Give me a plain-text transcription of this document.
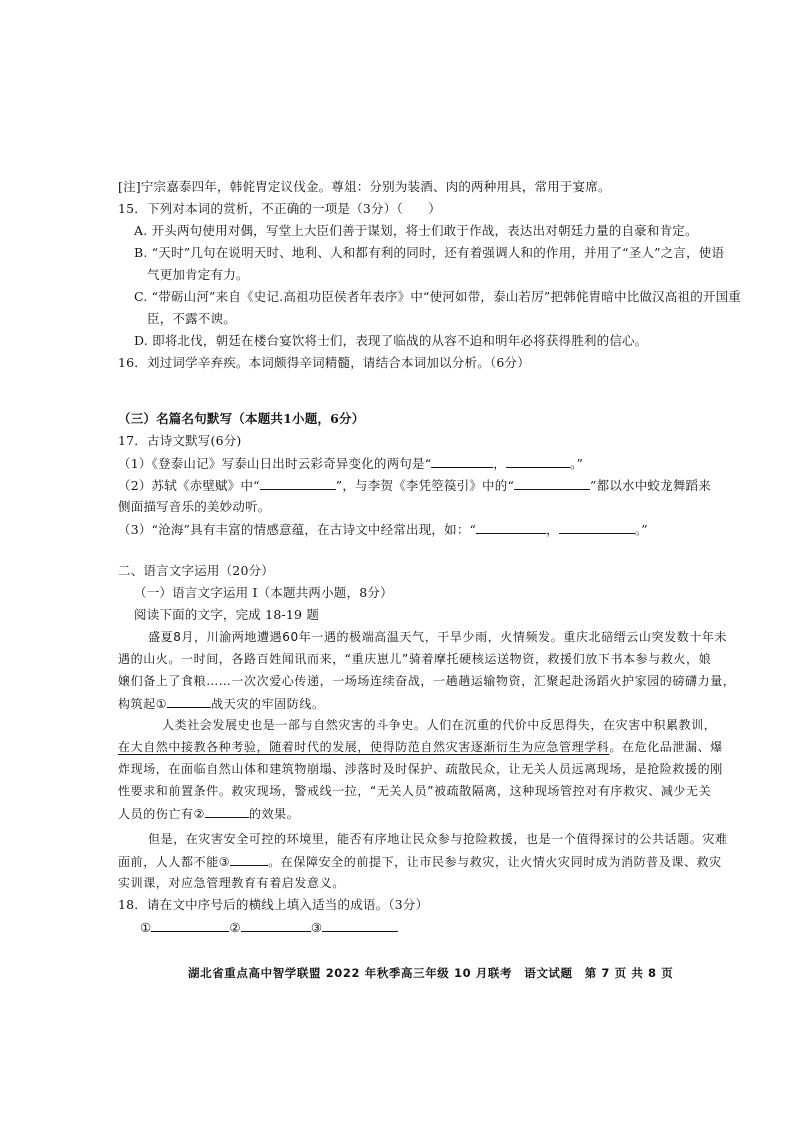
[注]宁宗嘉泰四年，韩侂胄定议伐金。尊俎：分别为装酒、肉的两种用具，常用于宴席。
15．下列对本词的赏析，不正确的一项是（3分）（　　）
A. 开头两句使用对偶，写堂上大臣们善于谋划，将士们敢于作战，表达出对朝廷力量的自豪和肯定。
B. “天时”几句在说明天时、地利、人和都有利的同时，还有着强调人和的作用，并用了“圣人”之言，使语
气更加肯定有力。
C. “带砺山河”来自《史记.高祖功臣侯者年表序》中“使河如带，泰山若厉”把韩侂胄暗中比做汉高祖的开国重
臣，不露不谀。
D. 即将北伐，朝廷在楼台宴饮将士们，表现了临战的从容不迫和明年必将获得胜利的信心。
16．刘过词学辛弃疾。本词颇得辛词精髓，请结合本词加以分析。（6分）
（三）名篇名句默写（本题共1小题，6分）
17．古诗文默写(6分)
（1）《登泰山记》写泰山日出时云彩奇异变化的两句是“	，	。”
（2）苏轼《赤壁赋》中“	”，与李贺《李凭箜篌引》中的“	”都以水中蛟龙舞蹈来
侧面描写音乐的美妙动听。
（3）“沧海”具有丰富的情感意蕴，在古诗文中经常出现，如：“	，	。”
二、语言文字运用（20分）
（一）语言文字运用 I（本题共两小题，8分）
阅读下面的文字，完成 18-19 题
盛夏8月，川渝两地遭遇60年一遇的极端高温天气，干旱少雨，火情频发。重庆北碚缙云山突发数十年未
遇的山火。一时间，各路百姓闻讯而来，“重庆崽儿”骑着摩托硬核运送物资，救援们放下书本参与救火，娘
嬢们备上了食粮……一次次爱心传递，一场场连续奋战，一趟趟运输物资，汇聚起赴汤蹈火护家园的磅礴力量，
构筑起①	战天灾的牢固防线。
人类社会发展史也是一部与自然灾害的斗争史。人们在沉重的代价中反思得失，在灾害中积累教训，
在大自然中接教各种考验，随着时代的发展，使得防范自然灾害逐渐衍生为应急管理学科。在危化品泄漏、爆
炸现场，在面临自然山体和建筑物崩塌、涉落时及时保护、疏散民众，让无关人员远离现场，是抢险救援的刚
性要求和前置条件。救灾现场，警戒线一拉，“无关人员”被疏散隔离，这种现场管控对有序救灾、减少无关
人员的伤亡有②	的效果。
但是，在灾害安全可控的环境里，能否有序地让民众参与抢险救援，也是一个值得探讨的公共话题。灾难
面前，人人都不能③	。在保障安全的前提下，让市民参与救灾，让火情火灾同时成为消防普及课、救灾
实训课，对应急管理教育有着启发意义。
18．请在文中序号后的横线上填入适当的成语。（3分）
①	②	③
湖北省重点高中智学联盟 2022 年秋季高三年级 10 月联考　语文试题　第 7 页 共 8 页
